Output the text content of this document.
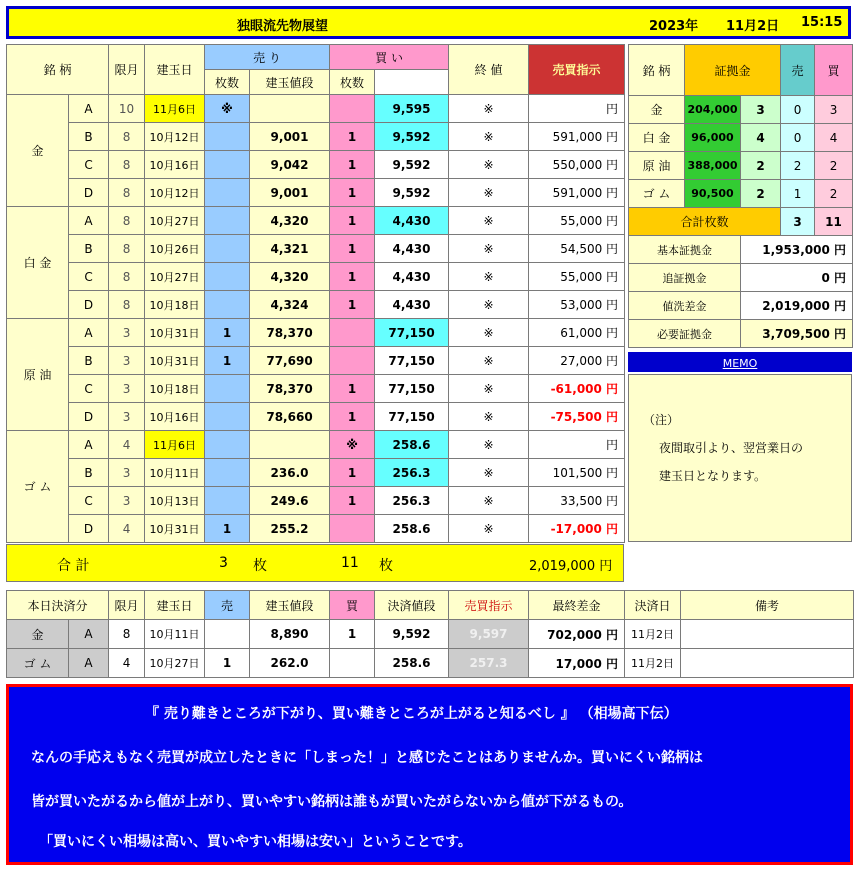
独眼流先物展望	2023年 11月2日 15:15
銘 柄		限月	建玉日	売 り		買 い		終 値	売買指示	
				枚数	建玉値段	枚数				
金	A	10	11月6日	※			9,595	※	円	
	B	8	10月12日		9,001	1	9,592	※	591,000 円	
	C	8	10月16日		9,042	1	9,592	※	550,000 円	
	D	8	10月12日		9,001	1	9,592	※	591,000 円	
白 金	A	8	10月27日		4,320	1	4,430	※	55,000 円	
	B	8	10月26日		4,321	1	4,430	※	54,500 円	
	C	8	10月27日		4,320	1	4,430	※	55,000 円	
	D	8	10月18日		4,324	1	4,430	※	53,000 円	
原 油	A	3	10月31日	1	78,370		77,150	※	61,000 円	
	B	3	10月31日	1	77,690		77,150	※	27,000 円	
	C	3	10月18日		78,370	1	77,150	※	-61,000 円	
	D	3	10月16日		78,660	1	77,150	※	-75,500 円	
ゴ ム	A	4	11月6日			※	258.6	※	円	
	B	3	10月11日		236.0	1	256.3	※	101,500 円	
	C	3	10月13日		249.6	1	256.3	※	33,500 円	
	D	4	10月31日	1	255.2		258.6	※	-17,000 円	
銘 柄	証拠金		売	買
金	204,000	3	0	3
白 金	96,000	4	0	4
原 油	388,000	2	2	2
ゴ ム	90,500	2	1	2
合計枚数			3	11
基本証拠金		1,953,000 円		
追証拠金		0 円		
値洗差金		2,019,000 円		
必要証拠金		3,709,500 円		
MEMO
（注）
夜間取引より、翌営業日の
建玉日となります。
合 計	3 枚	11 枚	2,019,000 円
本日決済分		限月	建玉日	売	建玉値段	買	決済値段	売買指示	最終差金	決済日	備考
金	A	8	10月11日		8,890	1	9,592	9,597	702,000 円	11月2日	
ゴ ム	A	4	10月27日	1	262.0		258.6	257.3	17,000 円	11月2日	
『 売り難きところが下がり、買い難きところが上がると知るべし 』 （相場高下伝）
なんの手応えもなく売買が成立したときに「しまった！」と感じたことはありませんか。買いにくい銘柄は
皆が買いたがるから値が上がり、買いやすい銘柄は誰もが買いたがらないから値が下がるもの。
「買いにくい相場は高い、買いやすい相場は安い」ということです。
